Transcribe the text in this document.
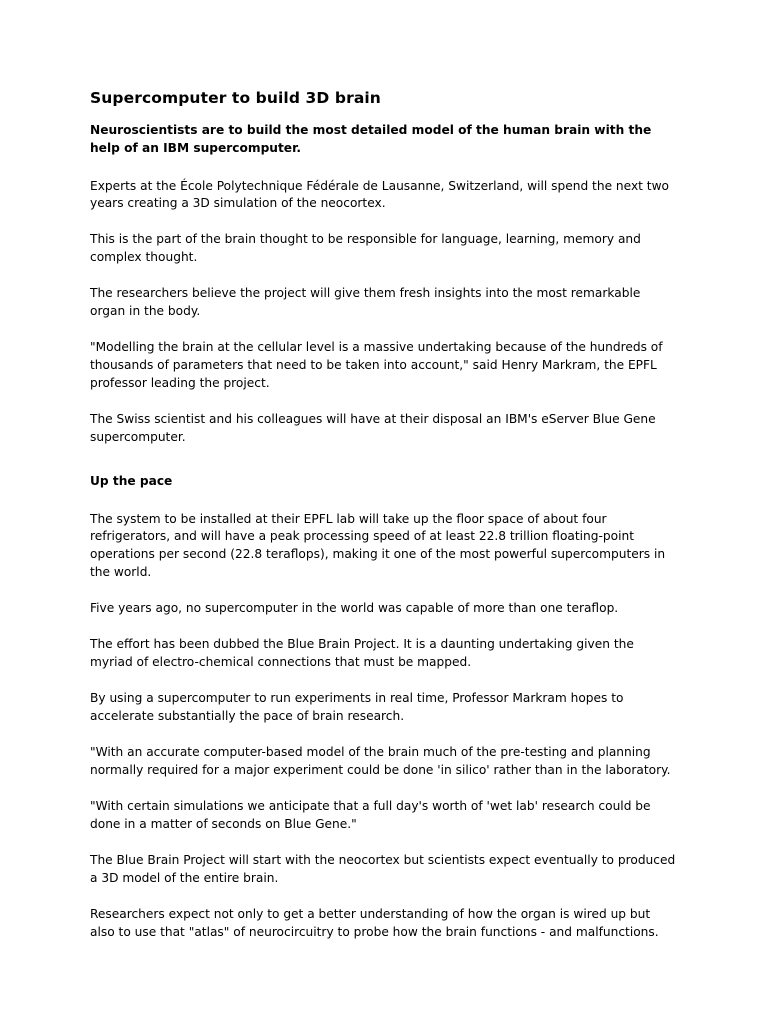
Supercomputer to build 3D brain

Neuroscientists are to build the most detailed model of the human brain with the help of an IBM supercomputer.

Experts at the École Polytechnique Fédérale de Lausanne, Switzerland, will spend the next two years creating a 3D simulation of the neocortex.

This is the part of the brain thought to be responsible for language, learning, memory and complex thought.

The researchers believe the project will give them fresh insights into the most remarkable organ in the body.

"Modelling the brain at the cellular level is a massive undertaking because of the hundreds of thousands of parameters that need to be taken into account," said Henry Markram, the EPFL professor leading the project.

The Swiss scientist and his colleagues will have at their disposal an IBM's eServer Blue Gene supercomputer.

Up the pace

The system to be installed at their EPFL lab will take up the floor space of about four refrigerators, and will have a peak processing speed of at least 22.8 trillion floating-point operations per second (22.8 teraflops), making it one of the most powerful supercomputers in the world.

Five years ago, no supercomputer in the world was capable of more than one teraflop.

The effort has been dubbed the Blue Brain Project. It is a daunting undertaking given the myriad of electro-chemical connections that must be mapped.

By using a supercomputer to run experiments in real time, Professor Markram hopes to accelerate substantially the pace of brain research.

"With an accurate computer-based model of the brain much of the pre-testing and planning normally required for a major experiment could be done 'in silico' rather than in the laboratory.

"With certain simulations we anticipate that a full day's worth of 'wet lab' research could be done in a matter of seconds on Blue Gene."

The Blue Brain Project will start with the neocortex but scientists expect eventually to produced a 3D model of the entire brain.

Researchers expect not only to get a better understanding of how the organ is wired up but also to use that "atlas" of neurocircuitry to probe how the brain functions - and malfunctions.
